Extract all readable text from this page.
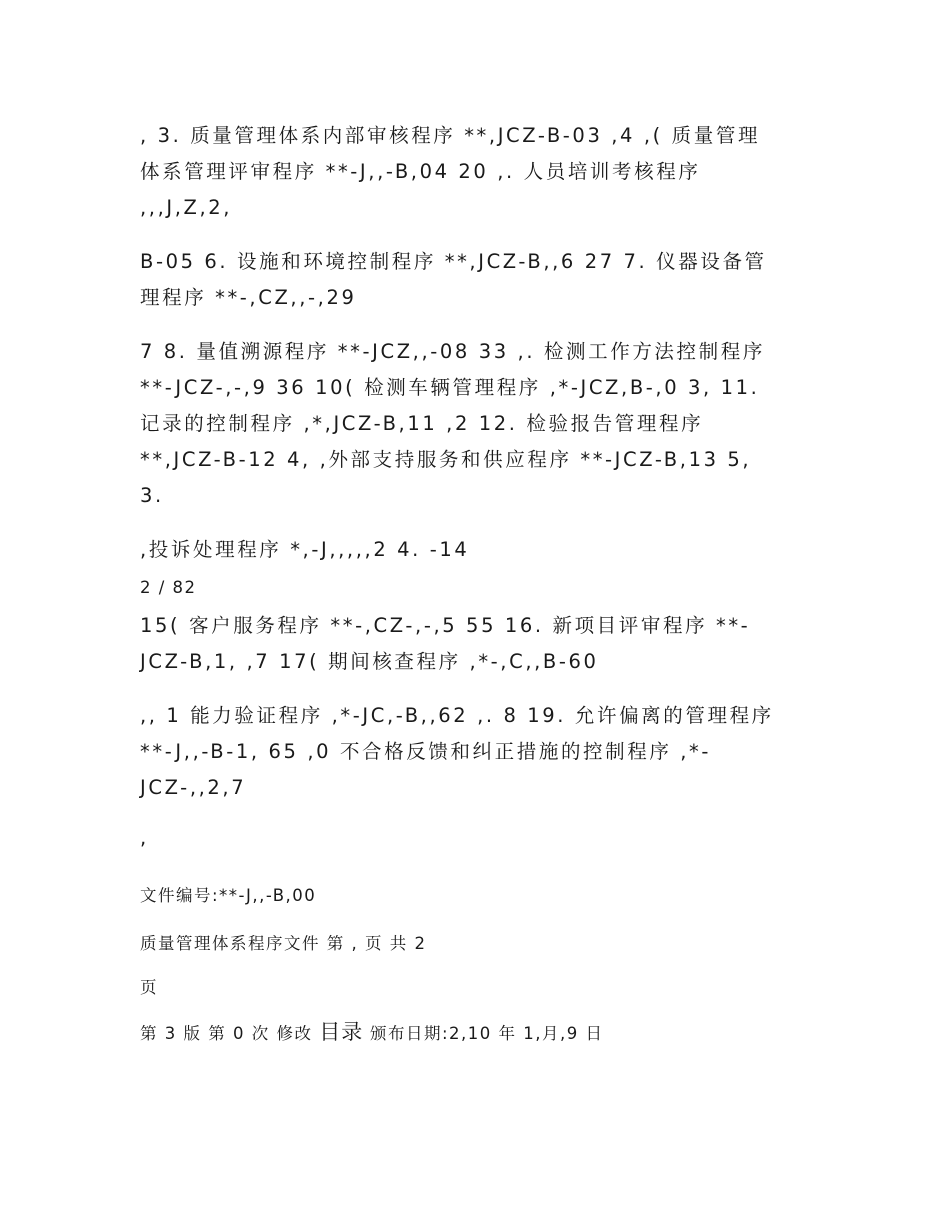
, 3. 质量管理体系内部审核程序 **,JCZ-B-03 ,4 ,( 质量管理
体系管理评审程序 **-J,,-B,04 20 ,. 人员培训考核程序
,,,J,Z,2,

B-05 6. 设施和环境控制程序 **,JCZ-B,,6 27 7. 仪器设备管
理程序 **-,CZ,,-,29

7 8. 量值溯源程序 **-JCZ,,-08 33 ,. 检测工作方法控制程序
**-JCZ-,-,9 36 10( 检测车辆管理程序 ,*-JCZ,B-,0 3, 11.
记录的控制程序 ,*,JCZ-B,11 ,2 12. 检验报告管理程序
**,JCZ-B-12 4, ,外部支持服务和供应程序 **-JCZ-B,13 5,
3.

,投诉处理程序 *,-J,,,,,2 4. -14

2 / 82

15( 客户服务程序 **-,CZ-,-,5 55 16. 新项目评审程序 **-
JCZ-B,1, ,7 17( 期间核查程序 ,*-,C,,B-60

,, 1 能力验证程序 ,*-JC,-B,,62 ,. 8 19. 允许偏离的管理程序
**-J,,-B-1, 65 ,0 不合格反馈和纠正措施的控制程序 ,*-
JCZ-,,2,7

,

文件编号:**-J,,-B,00

质量管理体系程序文件 第 , 页 共 2

页

第 3 版 第 0 次 修改 目录 颁布日期:2,10 年 1,月,9 日
